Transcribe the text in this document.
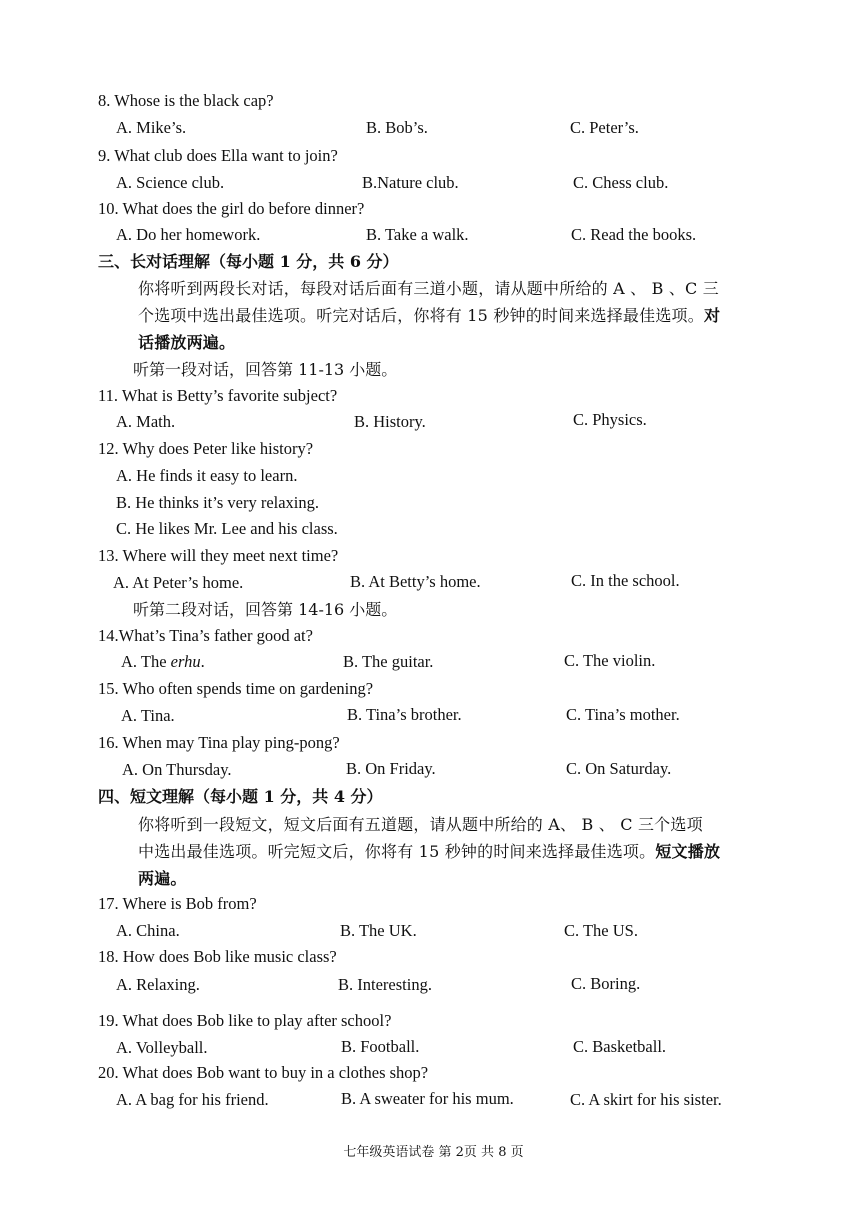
8. Whose is the black cap?
A. Mike’s.	B. Bob’s.	C. Peter’s.
9. What club does Ella want to join?
A. Science club.	B.Nature club.	C. Chess club.
10. What does the girl do before dinner?
A. Do her homework.	B. Take a walk.	C. Read the books.
三、长对话理解（每小题 1 分，共 6 分）
你将听到两段长对话，每段对话后面有三道小题，请从题中所给的 A 、 B 、C 三
个选项中选出最佳选项。听完对话后，你将有 15 秒钟的时间来选择最佳选项。对
话播放两遍。
听第一段对话，回答第 11-13 小题。
11. What is Betty’s favorite subject?
A. Math.	B. History.	C. Physics.
12. Why does Peter like history?
A. He finds it easy to learn.
B. He thinks it’s very relaxing.
C. He likes Mr. Lee and his class.
13. Where will they meet next time?
A. At Peter’s home.	B. At Betty’s home.	C. In the school.
听第二段对话，回答第 14-16 小题。
14.What’s Tina’s father good at?
A. The erhu.	B. The guitar.	C. The violin.
15. Who often spends time on gardening?
A. Tina.	B. Tina’s brother.	C. Tina’s mother.
16. When may Tina play ping-pong?
A. On Thursday.	B. On Friday.	C. On Saturday.
四、短文理解（每小题 1 分，共 4 分）
你将听到一段短文，短文后面有五道题，请从题中所给的 A、 B 、 C 三个选项
中选出最佳选项。听完短文后，你将有 15 秒钟的时间来选择最佳选项。短文播放
两遍。
17. Where is Bob from?
A. China.	B. The UK.	C. The US.
18. How does Bob like music class?
A. Relaxing.	B. Interesting.	C. Boring.
19. What does Bob like to play after school?
A. Volleyball.	B. Football.	C. Basketball.
20. What does Bob want to buy in a clothes shop?
A. A bag for his friend.	B. A sweater for his mum.	C. A skirt for his sister.
七年级英语试卷 第 2页 共 8 页
